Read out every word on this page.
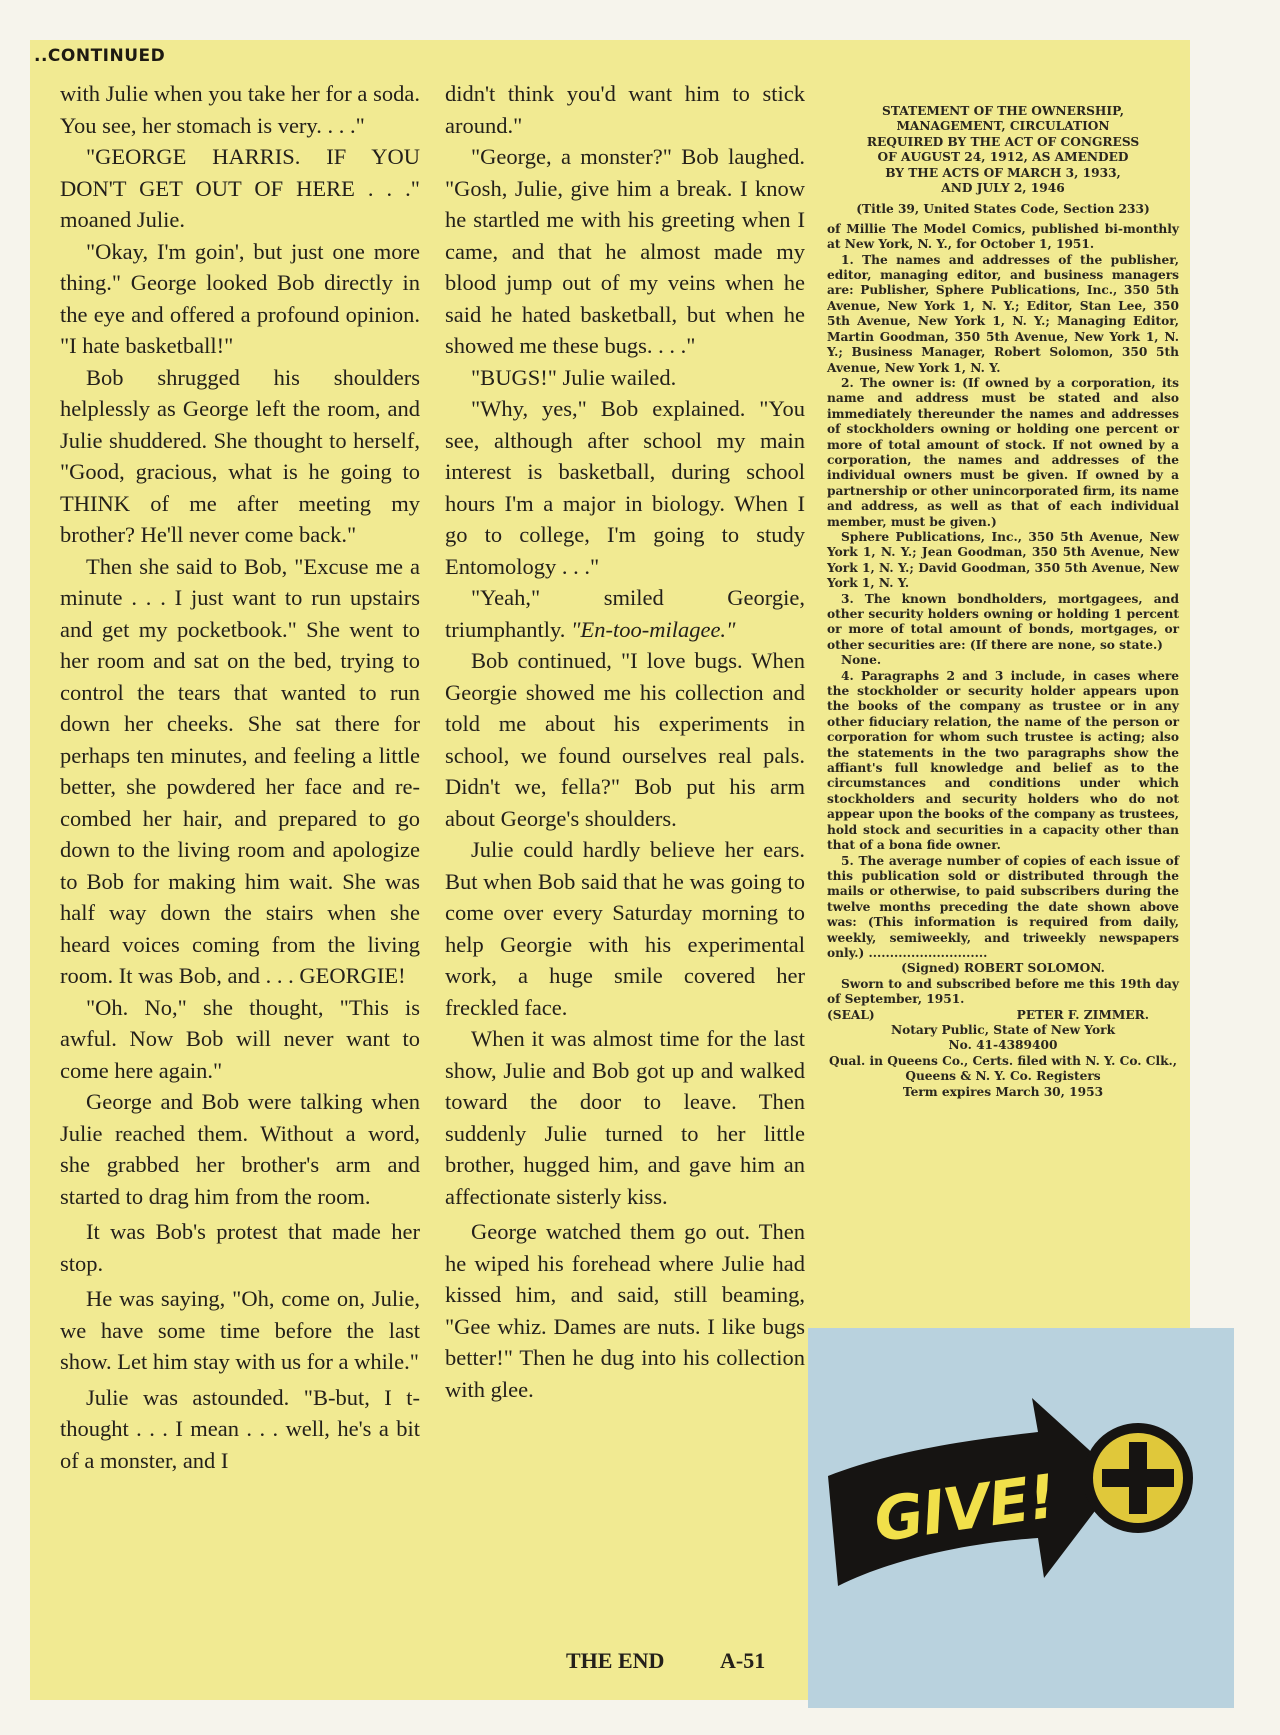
..CONTINUED

with Julie when you take her for a soda. You see, her stomach is very. . . ."

"GEORGE HARRIS. IF YOU DON'T GET OUT OF HERE . . ." moaned Julie.

"Okay, I'm goin', but just one more thing." George looked Bob directly in the eye and offered a profound opinion. "I hate basketball!"

Bob shrugged his shoulders helplessly as George left the room, and Julie shuddered. She thought to herself, "Good, gracious, what is he going to THINK of me after meeting my brother? He'll never come back."

Then she said to Bob, "Excuse me a minute . . . I just want to run upstairs and get my pocketbook." She went to her room and sat on the bed, trying to control the tears that wanted to run down her cheeks. She sat there for perhaps ten minutes, and feeling a little better, she powdered her face and re-combed her hair, and prepared to go down to the living room and apologize to Bob for making him wait. She was half way down the stairs when she heard voices coming from the living room. It was Bob, and . . . GEORGIE!

"Oh. No," she thought, "This is awful. Now Bob will never want to come here again."

George and Bob were talking when Julie reached them. Without a word, she grabbed her brother's arm and started to drag him from the room.

It was Bob's protest that made her stop.

He was saying, "Oh, come on, Julie, we have some time before the last show. Let him stay with us for a while."

Julie was astounded. "B-but, I t-thought . . . I mean . . . well, he's a bit of a monster, and I

didn't think you'd want him to stick around."

"George, a monster?" Bob laughed. "Gosh, Julie, give him a break. I know he startled me with his greeting when I came, and that he almost made my blood jump out of my veins when he said he hated basketball, but when he showed me these bugs. . . ."

"BUGS!" Julie wailed.

"Why, yes," Bob explained. "You see, although after school my main interest is basketball, during school hours I'm a major in biology. When I go to college, I'm going to study Entomology . . ."

"Yeah," smiled Georgie, triumphantly. "En-too-milagee."

Bob continued, "I love bugs. When Georgie showed me his collection and told me about his experiments in school, we found ourselves real pals. Didn't we, fella?" Bob put his arm about George's shoulders.

Julie could hardly believe her ears. But when Bob said that he was going to come over every Saturday morning to help Georgie with his experimental work, a huge smile covered her freckled face.

When it was almost time for the last show, Julie and Bob got up and walked toward the door to leave. Then suddenly Julie turned to her little brother, hugged him, and gave him an affectionate sisterly kiss.

George watched them go out. Then he wiped his forehead where Julie had kissed him, and said, still beaming, "Gee whiz. Dames are nuts. I like bugs better!" Then he dug into his collection with glee.

STATEMENT OF THE OWNERSHIP,
MANAGEMENT, CIRCULATION
REQUIRED BY THE ACT OF CONGRESS
OF AUGUST 24, 1912, AS AMENDED
BY THE ACTS OF MARCH 3, 1933,
AND JULY 2, 1946
(Title 39, United States Code, Section 233)

of Millie The Model Comics, published bi-monthly at New York, N. Y., for October 1, 1951.

1. The names and addresses of the publisher, editor, managing editor, and business managers are: Publisher, Sphere Publications, Inc., 350 5th Avenue, New York 1, N. Y.; Editor, Stan Lee, 350 5th Avenue, New York 1, N. Y.; Managing Editor, Martin Goodman, 350 5th Avenue, New York 1, N. Y.; Business Manager, Robert Solomon, 350 5th Avenue, New York 1, N. Y.

2. The owner is: (If owned by a corporation, its name and address must be stated and also immediately thereunder the names and addresses of stockholders owning or holding one percent or more of total amount of stock. If not owned by a corporation, the names and addresses of the individual owners must be given. If owned by a partnership or other unincorporated firm, its name and address, as well as that of each individual member, must be given.)

Sphere Publications, Inc., 350 5th Avenue, New York 1, N. Y.; Jean Goodman, 350 5th Avenue, New York 1, N. Y.; David Goodman, 350 5th Avenue, New York 1, N. Y.

3. The known bondholders, mortgagees, and other security holders owning or holding 1 percent or more of total amount of bonds, mortgages, or other securities are: (If there are none, so state.)

None.

4. Paragraphs 2 and 3 include, in cases where the stockholder or security holder appears upon the books of the company as trustee or in any other fiduciary relation, the name of the person or corporation for whom such trustee is acting; also the statements in the two paragraphs show the affiant's full knowledge and belief as to the circumstances and conditions under which stockholders and security holders who do not appear upon the books of the company as trustees, hold stock and securities in a capacity other than that of a bona fide owner.

5. The average number of copies of each issue of this publication sold or distributed through the mails or otherwise, to paid subscribers during the twelve months preceding the date shown above was: (This information is required from daily, weekly, semiweekly, and triweekly newspapers only.) ............................

(Signed) ROBERT SOLOMON.

Sworn to and subscribed before me this 19th day of September, 1951.

(SEAL)	PETER F. ZIMMER.

Notary Public, State of New York

No. 41-4389400

Qual. in Queens Co., Certs. filed with N. Y. Co. Clk., Queens & N. Y. Co. Registers

Term expires March 30, 1953

GIVE!
THE END	A-51
